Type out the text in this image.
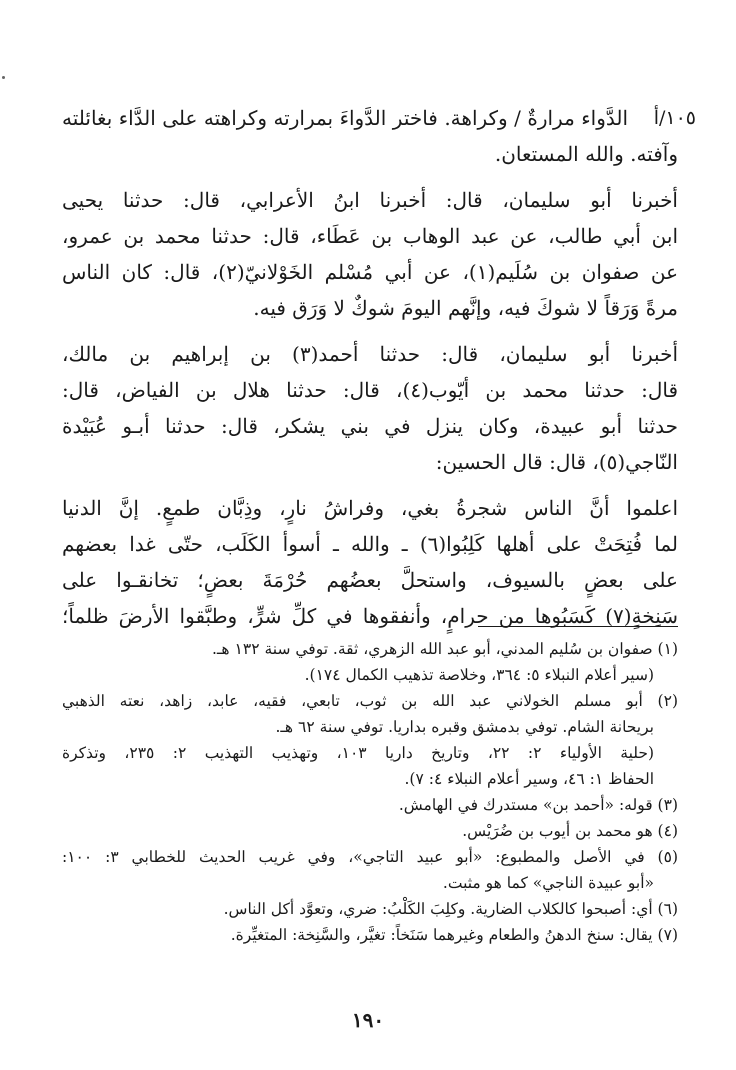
١٠٥/أ
الدَّواء مرارةٌ / وكراهة. فاختر الدَّواءَ بمرارته وكراهته على الدَّاء بغائلته
وآفته. والله المستعان.
أخبرنا أبو سليمان، قال: أخبرنا ابنُ الأعرابي، قال: حدثنا يحيى
ابن أبي طالب، عن عبد الوهاب بن عَطَاء، قال: حدثنا محمد بن عمرو،
عن صفوان بن سُلَيم(١)، عن أبي مُسْلم الخَوْلانيّ(٢)، قال: كان الناس
مرةً وَرَقاً لا شوكَ فيه، وإنَّهم اليومَ شوكٌ لا وَرَق فيه.
أخبرنا أبو سليمان، قال: حدثنا أحمد(٣) بن إبراهيم بن مالك،
قال: حدثنا محمد بن أيّوب(٤)، قال: حدثنا هلال بن الفياض، قال:
حدثنا أبو عبيدة، وكان ينزل في بني يشكر، قال: حدثنا أبـو عُبَيْدة
النّاجي(٥)، قال: قال الحسين:
اعلموا أنَّ الناس شجرةُ بغي، وفراشُ نارٍ، وذِبَّان طمعٍ. إنَّ الدنيا
لما فُتِحَتْ على أهلها كَلِبُوا(٦) ـ والله ـ أسوأ الكَلَب، حتّى غدا بعضهم
على بعضٍ بالسيوف، واستحلَّ بعضُهم حُرْمَةَ بعضٍ؛ تخانقـوا على
سَنِخةٍ(٧) كَسَبُوها من حرامٍ، وأنفقوها في كلِّ شرٍّ، وطبَّقوا الأرضَ ظلماً؛
(١) صفوان بن سُليم المدني، أبو عبد الله الزهري، ثقة. توفي سنة ١٣٢ هـ.
(سير أعلام النبلاء ٥: ٣٦٤، وخلاصة تذهيب الكمال ١٧٤).
(٢) أبو مسلم الخولاني عبد الله بن ثوب، تابعي، فقيه، عابد، زاهد، نعته الذهبي
بريحانة الشام. توفي بدمشق وقبره بداريا. توفي سنة ٦٢ هـ.
(حلية الأولياء ٢: ٢٢، وتاريخ داريا ١٠٣، وتهذيب التهذيب ٢: ٢٣٥، وتذكرة
الحفاظ ١: ٤٦، وسير أعلام النبلاء ٤: ٧).
(٣) قوله: «أحمد بن» مستدرك في الهامش.
(٤) هو محمد بن أيوب بن ضُرَيْس.
(٥) في الأصل والمطبوع: «أبو عبيد التاجي»، وفي غريب الحديث للخطابي ٣: ١٠٠:
«أبو عبيدة الناجي» كما هو مثبت.
(٦) أي: أصبحوا كالكلاب الضارية. وكلِبَ الكَلْبُ: ضري، وتعوَّد أكل الناس.
(٧) يقال: سنخ الدهنُ والطعام وغيرهما سَنَخاً: تغيَّر، والسَّنِخة: المتغيِّرة.
١٩٠
